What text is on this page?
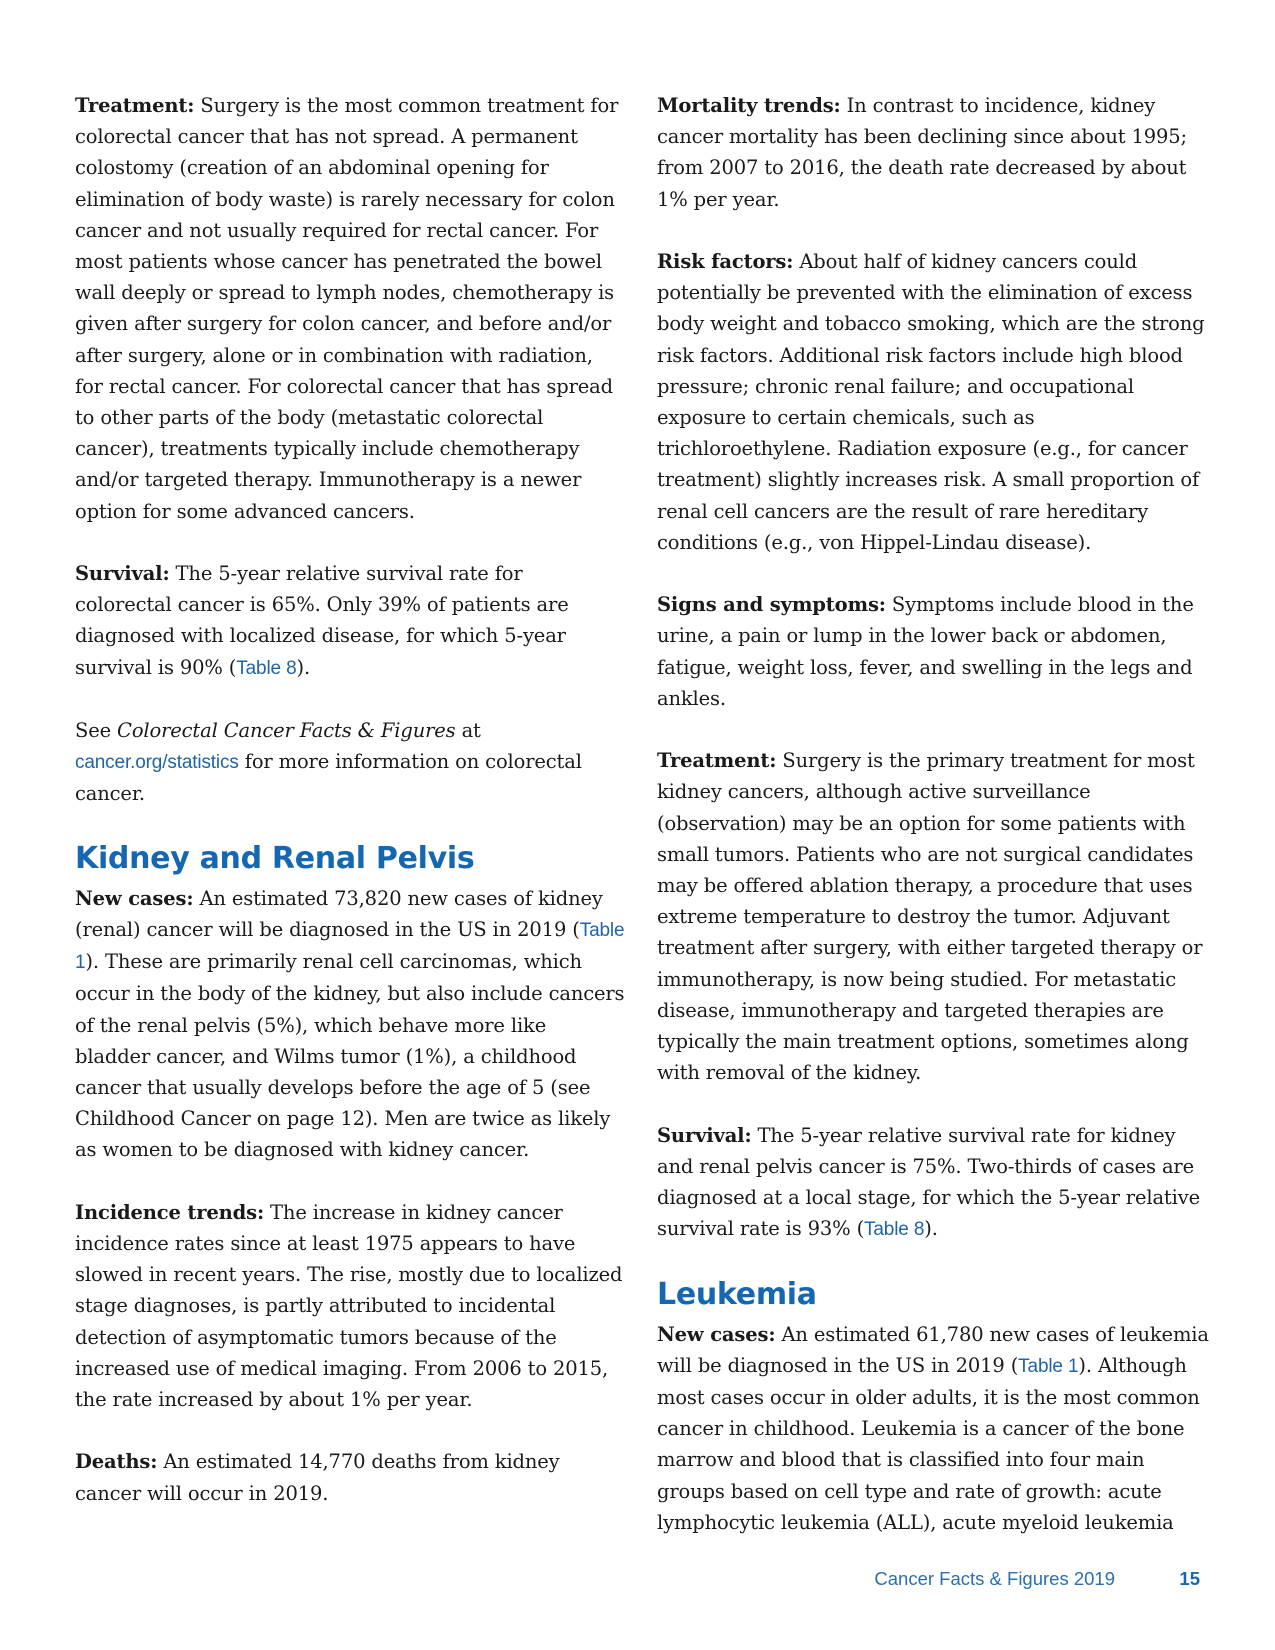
Treatment: Surgery is the most common treatment for colorectal cancer that has not spread. A permanent colostomy (creation of an abdominal opening for elimination of body waste) is rarely necessary for colon cancer and not usually required for rectal cancer. For most patients whose cancer has penetrated the bowel wall deeply or spread to lymph nodes, chemotherapy is given after surgery for colon cancer, and before and/or after surgery, alone or in combination with radiation, for rectal cancer. For colorectal cancer that has spread to other parts of the body (metastatic colorectal cancer), treatments typically include chemotherapy and/or targeted therapy. Immunotherapy is a newer option for some advanced cancers.

Survival: The 5-year relative survival rate for colorectal cancer is 65%. Only 39% of patients are diagnosed with localized disease, for which 5-year survival is 90% (Table 8).

See Colorectal Cancer Facts & Figures at cancer.org/statistics for more information on colorectal cancer.

Kidney and Renal Pelvis

New cases: An estimated 73,820 new cases of kidney (renal) cancer will be diagnosed in the US in 2019 (Table 1). These are primarily renal cell carcinomas, which occur in the body of the kidney, but also include cancers of the renal pelvis (5%), which behave more like bladder cancer, and Wilms tumor (1%), a childhood cancer that usually develops before the age of 5 (see Childhood Cancer on page 12). Men are twice as likely as women to be diagnosed with kidney cancer.

Incidence trends: The increase in kidney cancer incidence rates since at least 1975 appears to have slowed in recent years. The rise, mostly due to localized stage diagnoses, is partly attributed to incidental detection of asymptomatic tumors because of the increased use of medical imaging. From 2006 to 2015, the rate increased by about 1% per year.

Deaths: An estimated 14,770 deaths from kidney cancer will occur in 2019.

Mortality trends: In contrast to incidence, kidney cancer mortality has been declining since about 1995; from 2007 to 2016, the death rate decreased by about 1% per year.

Risk factors: About half of kidney cancers could potentially be prevented with the elimination of excess body weight and tobacco smoking, which are the strong risk factors. Additional risk factors include high blood pressure; chronic renal failure; and occupational exposure to certain chemicals, such as trichloroethylene. Radiation exposure (e.g., for cancer treatment) slightly increases risk. A small proportion of renal cell cancers are the result of rare hereditary conditions (e.g., von Hippel-Lindau disease).

Signs and symptoms: Symptoms include blood in the urine, a pain or lump in the lower back or abdomen, fatigue, weight loss, fever, and swelling in the legs and ankles.

Treatment: Surgery is the primary treatment for most kidney cancers, although active surveillance (observation) may be an option for some patients with small tumors. Patients who are not surgical candidates may be offered ablation therapy, a procedure that uses extreme temperature to destroy the tumor. Adjuvant treatment after surgery, with either targeted therapy or immunotherapy, is now being studied. For metastatic disease, immunotherapy and targeted therapies are typically the main treatment options, sometimes along with removal of the kidney.

Survival: The 5-year relative survival rate for kidney and renal pelvis cancer is 75%. Two-thirds of cases are diagnosed at a local stage, for which the 5-year relative survival rate is 93% (Table 8).

Leukemia

New cases: An estimated 61,780 new cases of leukemia will be diagnosed in the US in 2019 (Table 1). Although most cases occur in older adults, it is the most common cancer in childhood. Leukemia is a cancer of the bone marrow and blood that is classified into four main groups based on cell type and rate of growth: acute lymphocytic leukemia (ALL), acute myeloid leukemia

Cancer Facts & Figures 2019	15
